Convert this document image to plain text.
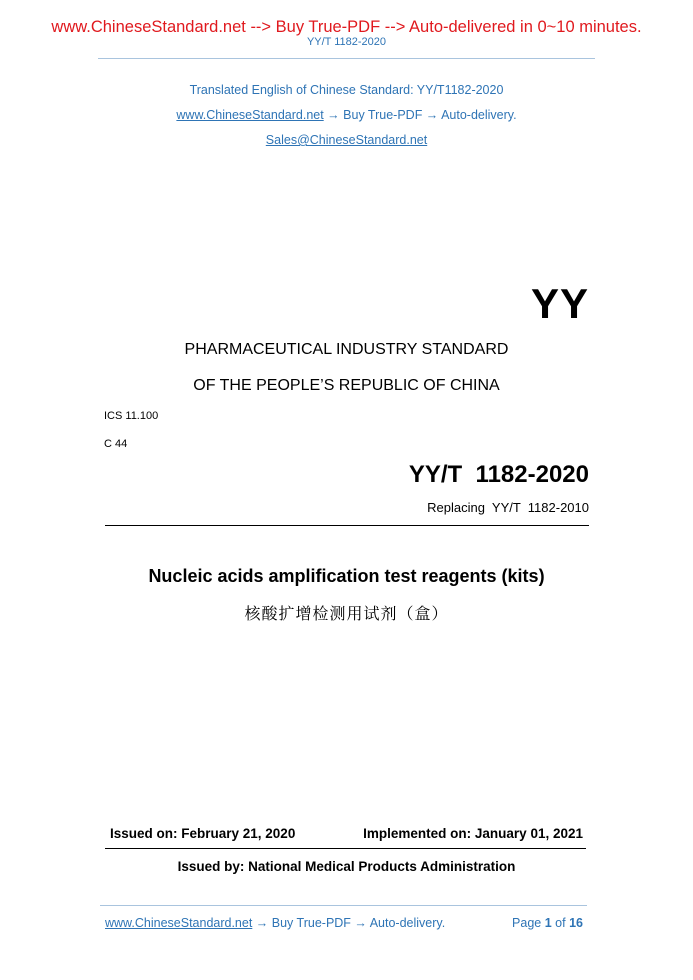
www.ChineseStandard.net --> Buy True-PDF --> Auto-delivered in 0~10 minutes.
YY/T 1182-2020
Translated English of Chinese Standard: YY/T1182-2020
www.ChineseStandard.net → Buy True-PDF → Auto-delivery.
Sales@ChineseStandard.net
YY
PHARMACEUTICAL INDUSTRY STANDARD
OF THE PEOPLE’S REPUBLIC OF CHINA
ICS 11.100
C 44
YY/T  1182-2020
Replacing  YY/T  1182-2010
Nucleic acids amplification test reagents (kits)
核酸扩增检测用试剂（盒）
Issued on: February 21, 2020	Implemented on: January 01, 2021
Issued by: National Medical Products Administration
www.ChineseStandard.net → Buy True-PDF → Auto-delivery.	Page 1 of 16
